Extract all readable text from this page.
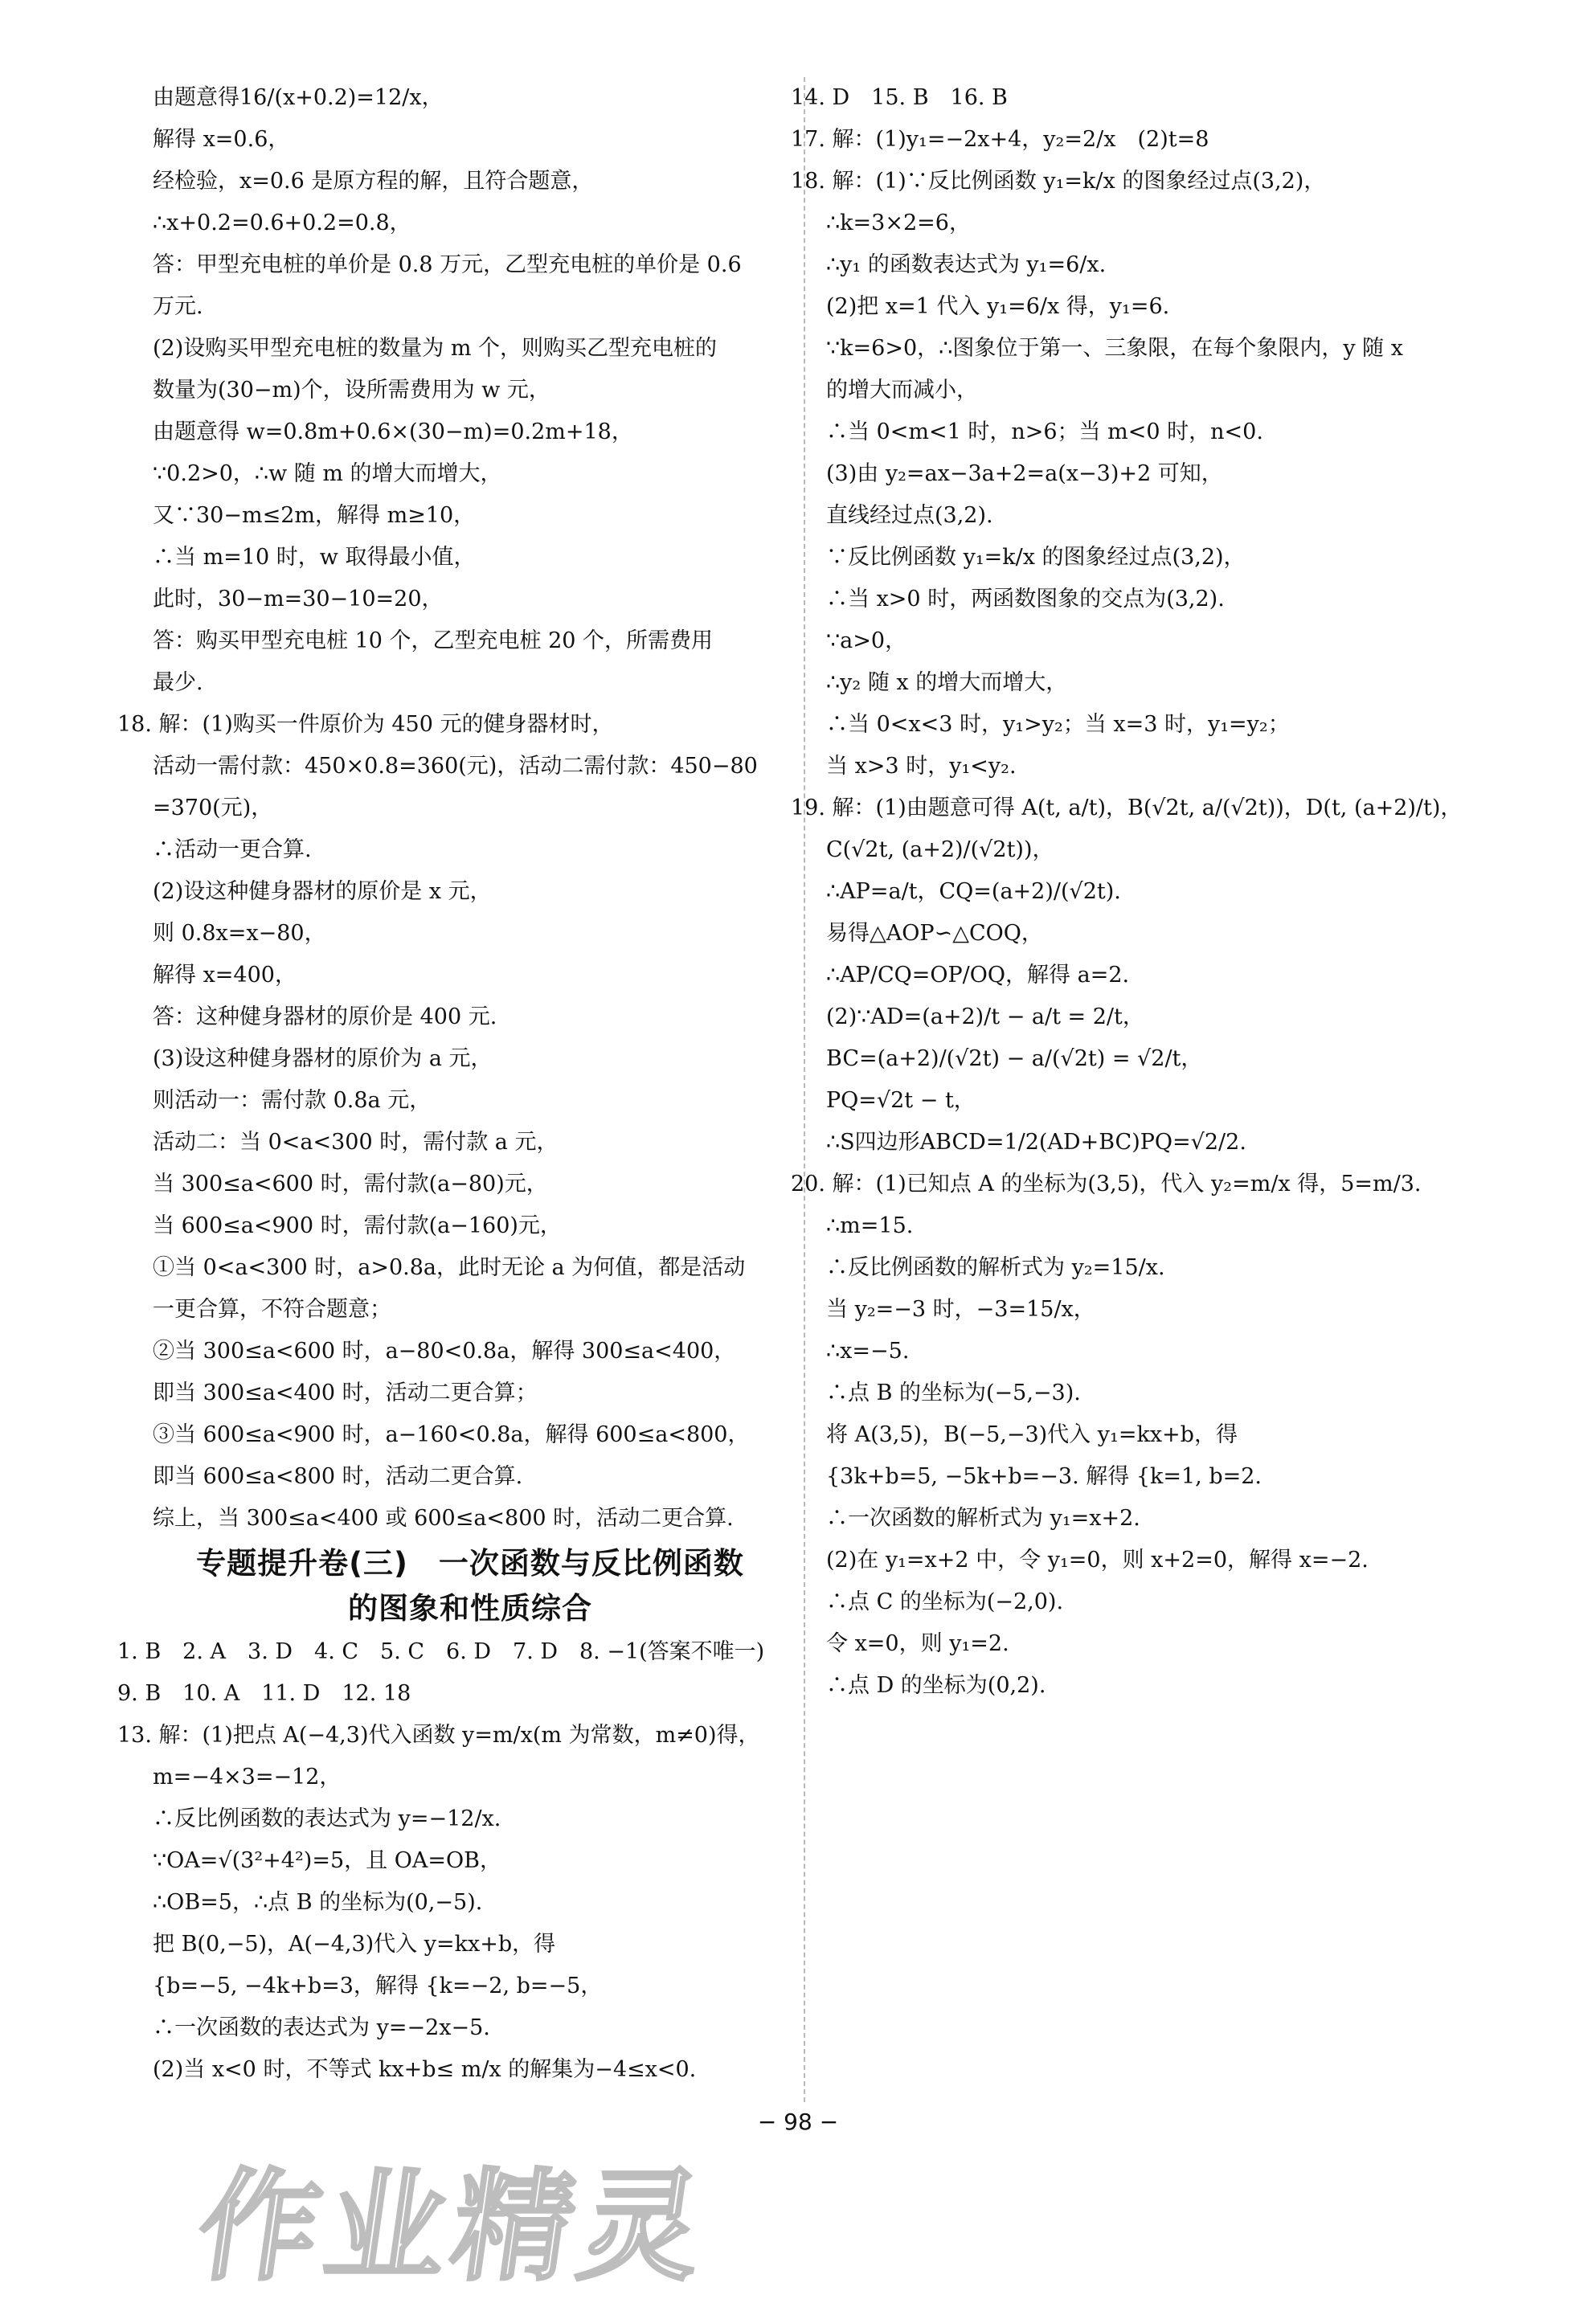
由题意得16/(x+0.2)=12/x，
解得 x=0.6，
经检验，x=0.6 是原方程的解，且符合题意，
∴x+0.2=0.6+0.2=0.8，
答：甲型充电桩的单价是 0.8 万元，乙型充电桩的单价是 0.6
万元.
(2)设购买甲型充电桩的数量为 m 个，则购买乙型充电桩的
数量为(30−m)个，设所需费用为 w 元，
由题意得 w=0.8m+0.6×(30−m)=0.2m+18，
∵0.2>0，∴w 随 m 的增大而增大，
又∵30−m≤2m，解得 m≥10，
∴当 m=10 时，w 取得最小值，
此时，30−m=30−10=20，
答：购买甲型充电桩 10 个，乙型充电桩 20 个，所需费用
最少.
18. 解：(1)购买一件原价为 450 元的健身器材时，
活动一需付款：450×0.8=360(元)，活动二需付款：450−80
=370(元)，
∴活动一更合算.
(2)设这种健身器材的原价是 x 元，
则 0.8x=x−80，
解得 x=400，
答：这种健身器材的原价是 400 元.
(3)设这种健身器材的原价为 a 元，
则活动一：需付款 0.8a 元，
活动二：当 0<a<300 时，需付款 a 元，
当 300≤a<600 时，需付款(a−80)元，
当 600≤a<900 时，需付款(a−160)元，
①当 0<a<300 时，a>0.8a，此时无论 a 为何值，都是活动
一更合算，不符合题意；
②当 300≤a<600 时，a−80<0.8a，解得 300≤a<400，
即当 300≤a<400 时，活动二更合算；
③当 600≤a<900 时，a−160<0.8a，解得 600≤a<800，
即当 600≤a<800 时，活动二更合算.
综上，当 300≤a<400 或 600≤a<800 时，活动二更合算.
专题提升卷(三)　一次函数与反比例函数
的图象和性质综合
1. B　2. A　3. D　4. C　5. C　6. D　7. D　8. −1(答案不唯一)
9. B　10. A　11. D　12. 18
13. 解：(1)把点 A(−4,3)代入函数 y=m/x(m 为常数，m≠0)得，
m=−4×3=−12，
∴反比例函数的表达式为 y=−12/x.
∵OA=√(3²+4²)=5，且 OA=OB，
∴OB=5，∴点 B 的坐标为(0,−5).
把 B(0,−5)，A(−4,3)代入 y=kx+b，得
{b=−5, −4k+b=3，解得 {k=−2, b=−5，
∴一次函数的表达式为 y=−2x−5.
(2)当 x<0 时，不等式 kx+b≤ m/x 的解集为−4≤x<0.
14. D　15. B　16. B
17. 解：(1)y₁=−2x+4，y₂=2/x　(2)t=8
18. 解：(1)∵反比例函数 y₁=k/x 的图象经过点(3,2)，
∴k=3×2=6，
∴y₁ 的函数表达式为 y₁=6/x.
(2)把 x=1 代入 y₁=6/x 得，y₁=6.
∵k=6>0，∴图象位于第一、三象限，在每个象限内，y 随 x
的增大而减小，
∴当 0<m<1 时，n>6；当 m<0 时，n<0.
(3)由 y₂=ax−3a+2=a(x−3)+2 可知，
直线经过点(3,2).
∵反比例函数 y₁=k/x 的图象经过点(3,2)，
∴当 x>0 时，两函数图象的交点为(3,2).
∵a>0，
∴y₂ 随 x 的增大而增大，
∴当 0<x<3 时，y₁>y₂；当 x=3 时，y₁=y₂；
当 x>3 时，y₁<y₂.
19. 解：(1)由题意可得 A(t, a/t)，B(√2t, a/(√2t))，D(t, (a+2)/t)，
C(√2t, (a+2)/(√2t))，
∴AP=a/t，CQ=(a+2)/(√2t).
易得△AOP∽△COQ，
∴AP/CQ=OP/OQ，解得 a=2.
(2)∵AD=(a+2)/t − a/t = 2/t，
BC=(a+2)/(√2t) − a/(√2t) = √2/t，
PQ=√2t − t，
∴S四边形ABCD=1/2(AD+BC)PQ=√2/2.
20. 解：(1)已知点 A 的坐标为(3,5)，代入 y₂=m/x 得，5=m/3.
∴m=15.
∴反比例函数的解析式为 y₂=15/x.
当 y₂=−3 时，−3=15/x，
∴x=−5.
∴点 B 的坐标为(−5,−3).
将 A(3,5)，B(−5,−3)代入 y₁=kx+b，得
{3k+b=5, −5k+b=−3. 解得 {k=1, b=2.
∴一次函数的解析式为 y₁=x+2.
(2)在 y₁=x+2 中，令 y₁=0，则 x+2=0，解得 x=−2.
∴点 C 的坐标为(−2,0).
令 x=0，则 y₁=2.
∴点 D 的坐标为(0,2).
− 98 −
作业精灵
